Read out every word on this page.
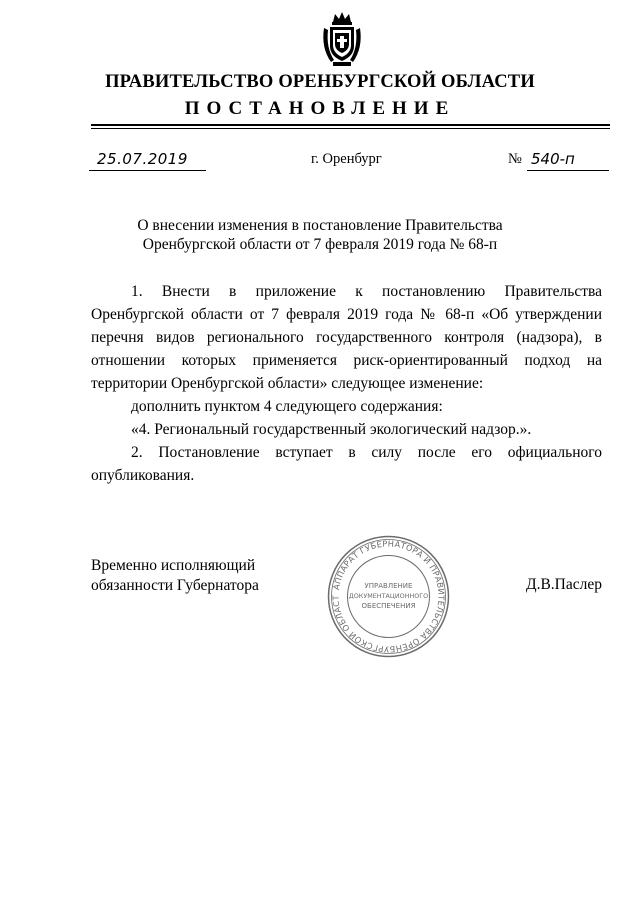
ПРАВИТЕЛЬСТВО ОРЕНБУРГСКОЙ ОБЛАСТИ
ПОСТАНОВЛЕНИЕ
25.07.2019	г. Оренбург	№ 540-п
О внесении изменения в постановление Правительства
Оренбургской области от 7 февраля 2019 года № 68-п

1. Внести в приложение к постановлению Правительства Оренбургской области от 7 февраля 2019 года № 68-п «Об утверждении перечня видов регионального государственного контроля (надзора), в отношении которых применяется риск-ориентированный подход на территории Оренбургской области» следующее изменение:

дополнить пунктом 4 следующего содержания:

«4. Региональный государственный экологический надзор.».

2. Постановление вступает в силу после его официального опубликования.

Временно исполняющий
обязанности Губернатора	АППАРАТ ГУБЕРНАТОРА И ПРАВИТЕЛЬСТВА ОРЕНБУРГСКОЙ ОБЛАСТ
УПРАВЛЕНИЕ
ДОКУМЕНТАЦИОННОГО
ОБЕСПЕЧЕНИЯ
Д.В.Паслер
